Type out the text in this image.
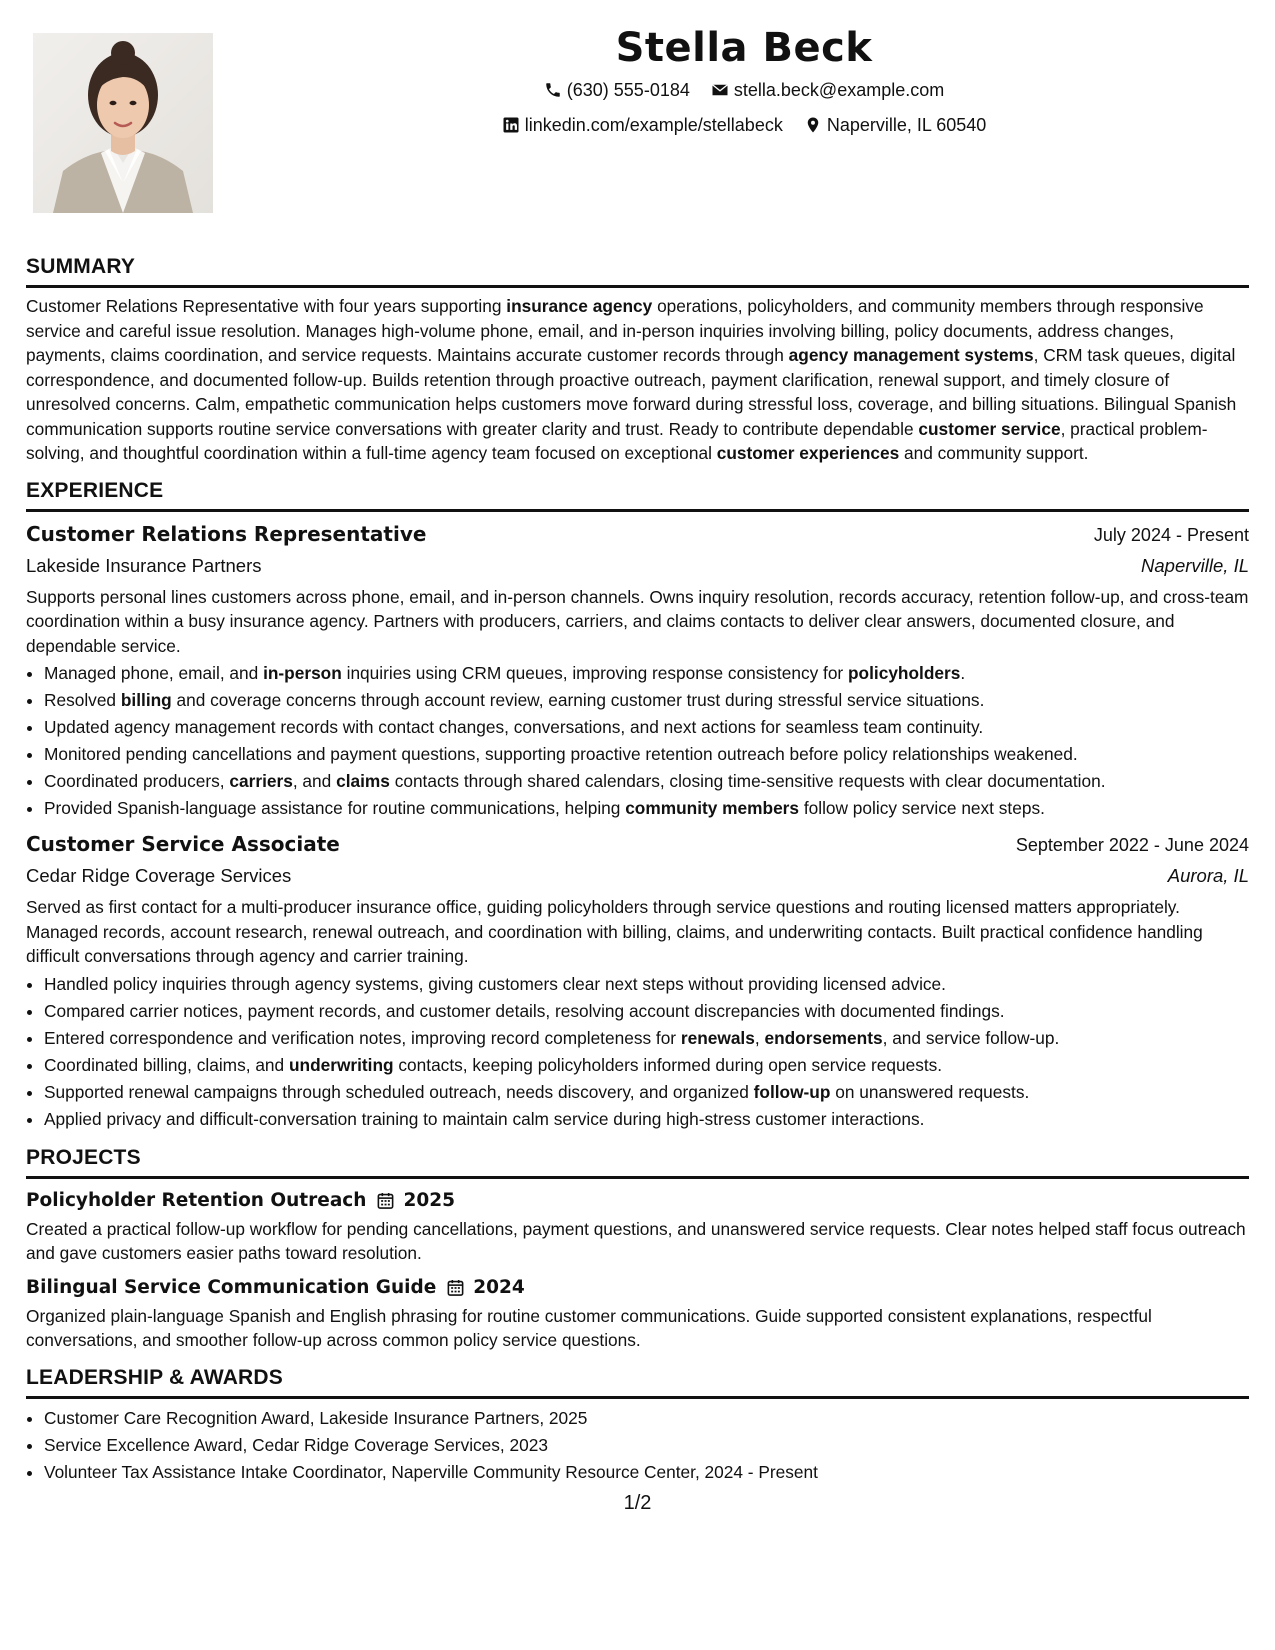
Stella Beck
(630) 555-0184
stella.beck@example.com
linkedin.com/example/stellabeck
Naperville, IL 60540
SUMMARY

Customer Relations Representative with four years supporting insurance agency operations, policyholders, and community members through responsive service and careful issue resolution. Manages high-volume phone, email, and in-person inquiries involving billing, policy documents, address changes, payments, claims coordination, and service requests. Maintains accurate customer records through agency management systems, CRM task queues, digital correspondence, and documented follow-up. Builds retention through proactive outreach, payment clarification, renewal support, and timely closure of unresolved concerns. Calm, empathetic communication helps customers move forward during stressful loss, coverage, and billing situations. Bilingual Spanish communication supports routine service conversations with greater clarity and trust. Ready to contribute dependable customer service, practical problem-solving, and thoughtful coordination within a full-time agency team focused on exceptional customer experiences and community support.

EXPERIENCE
Customer Relations Representative	July 2024 - Present
Lakeside Insurance Partners	Naperville, IL
Supports personal lines customers across phone, email, and in-person channels. Owns inquiry resolution, records accuracy, retention follow-up, and cross-team coordination within a busy insurance agency. Partners with producers, carriers, and claims contacts to deliver clear answers, documented closure, and dependable service.
• Managed phone, email, and in-person inquiries using CRM queues, improving response consistency for policyholders.
• Resolved billing and coverage concerns through account review, earning customer trust during stressful service situations.
• Updated agency management records with contact changes, conversations, and next actions for seamless team continuity.
• Monitored pending cancellations and payment questions, supporting proactive retention outreach before policy relationships weakened.
• Coordinated producers, carriers, and claims contacts through shared calendars, closing time-sensitive requests with clear documentation.
• Provided Spanish-language assistance for routine communications, helping community members follow policy service next steps.
Customer Service Associate	September 2022 - June 2024
Cedar Ridge Coverage Services	Aurora, IL
Served as first contact for a multi-producer insurance office, guiding policyholders through service questions and routing licensed matters appropriately. Managed records, account research, renewal outreach, and coordination with billing, claims, and underwriting contacts. Built practical confidence handling difficult conversations through agency and carrier training.
• Handled policy inquiries through agency systems, giving customers clear next steps without providing licensed advice.
• Compared carrier notices, payment records, and customer details, resolving account discrepancies with documented findings.
• Entered correspondence and verification notes, improving record completeness for renewals, endorsements, and service follow-up.
• Coordinated billing, claims, and underwriting contacts, keeping policyholders informed during open service requests.
• Supported renewal campaigns through scheduled outreach, needs discovery, and organized follow-up on unanswered requests.
• Applied privacy and difficult-conversation training to maintain calm service during high-stress customer interactions.
PROJECTS
Policyholder Retention Outreach 2025
Created a practical follow-up workflow for pending cancellations, payment questions, and unanswered service requests. Clear notes helped staff focus outreach and gave customers easier paths toward resolution.
Bilingual Service Communication Guide 2024
Organized plain-language Spanish and English phrasing for routine customer communications. Guide supported consistent explanations, respectful conversations, and smoother follow-up across common policy service questions.
LEADERSHIP & AWARDS
• Customer Care Recognition Award, Lakeside Insurance Partners, 2025
• Service Excellence Award, Cedar Ridge Coverage Services, 2023
• Volunteer Tax Assistance Intake Coordinator, Naperville Community Resource Center, 2024 - Present
1/2
